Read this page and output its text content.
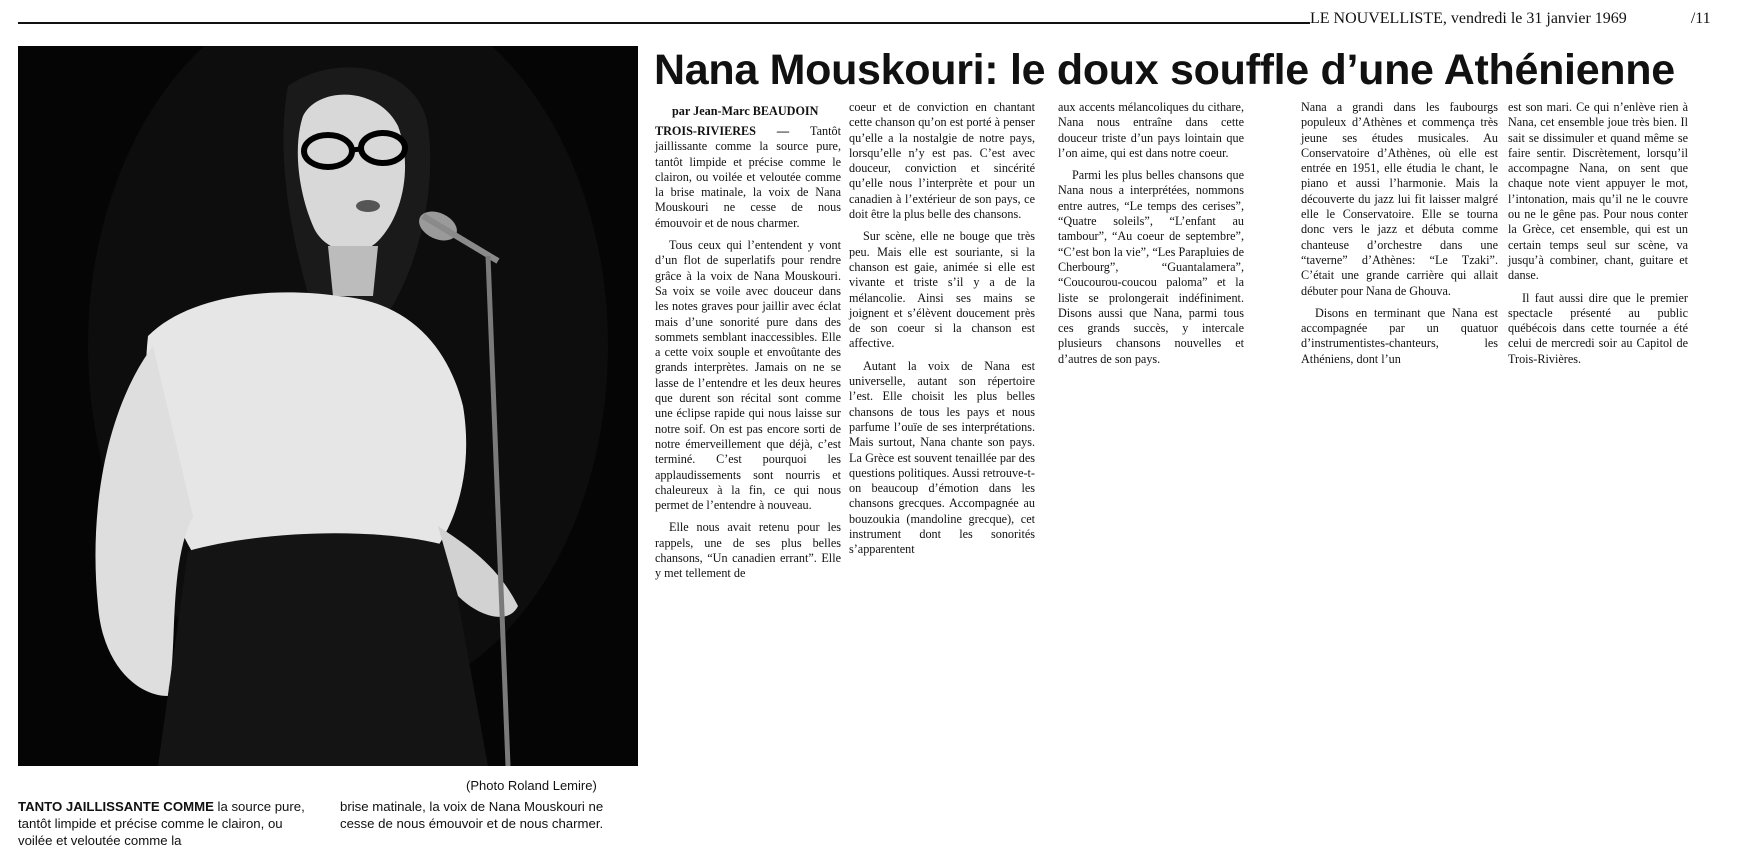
LE NOUVELLISTE, vendredi le 31 janvier 1969	/11
(Photo Roland Lemire)
TANTO JAILLISSANTE COMME la source pure, tantôt limpide et précise comme le clairon, ou voilée et veloutée comme la
brise matinale, la voix de Nana Mouskouri ne cesse de nous émouvoir et de nous charmer.
Nana Mouskouri: le doux souffle d’une Athénienne
par Jean-Marc BEAUDOIN

TROIS-RIVIERES — Tantôt jaillissante comme la source pure, tantôt limpide et précise comme le clairon, ou voilée et veloutée comme la brise matinale, la voix de Nana Mouskouri ne cesse de nous émouvoir et de nous charmer.

Tous ceux qui l’entendent y vont d’un flot de superlatifs pour rendre grâce à la voix de Nana Mouskouri. Sa voix se voile avec douceur dans les notes graves pour jaillir avec éclat mais d’une sonorité pure dans des sommets semblant inaccessibles. Elle a cette voix souple et envoûtante des grands interprètes. Jamais on ne se lasse de l’entendre et les deux heures que durent son récital sont comme une éclipse rapide qui nous laisse sur notre soif. On est pas encore sorti de notre émerveillement que déjà, c’est terminé. C’est pourquoi les applaudissements sont nourris et chaleureux à la fin, ce qui nous permet de l’entendre à nouveau.

Elle nous avait retenu pour les rappels, une de ses plus belles chansons, “Un canadien errant”. Elle y met tellement de

coeur et de conviction en chantant cette chanson qu’on est porté à penser qu’elle a la nostalgie de notre pays, lorsqu’elle n’y est pas. C’est avec douceur, conviction et sincérité qu’elle nous l’interprète et pour un canadien à l’extérieur de son pays, ce doit être la plus belle des chansons.

Sur scène, elle ne bouge que très peu. Mais elle est souriante, si la chanson est gaie, animée si elle est vivante et triste s’il y a de la mélancolie. Ainsi ses mains se joignent et s’élèvent doucement près de son coeur si la chanson est affective.

Autant la voix de Nana est universelle, autant son répertoire l’est. Elle choisit les plus belles chansons de tous les pays et nous parfume l’ouïe de ses interprétations. Mais surtout, Nana chante son pays. La Grèce est souvent tenaillée par des questions politiques. Aussi retrouve-t-on beaucoup d’émotion dans les chansons grecques. Accompagnée au bouzoukia (mandoline grecque), cet instrument dont les sonorités s’apparentent

aux accents mélancoliques du cithare, Nana nous entraîne dans cette douceur triste d’un pays lointain que l’on aime, qui est dans notre coeur.

Parmi les plus belles chansons que Nana nous a interprétées, nommons entre autres, “Le temps des cerises”, “Quatre soleils”, “L’enfant au tambour”, “Au coeur de septembre”, “C’est bon la vie”, “Les Parapluies de Cherbourg”, “Guantalamera”, “Coucourou-coucou paloma” et la liste se prolongerait indéfiniment. Disons aussi que Nana, parmi tous ces grands succès, y intercale plusieurs chansons nouvelles et d’autres de son pays.

Nana a grandi dans les faubourgs populeux d’Athènes et commença très jeune ses études musicales. Au Conservatoire d’Athènes, où elle est entrée en 1951, elle étudia le chant, le piano et aussi l’harmonie. Mais la découverte du jazz lui fit laisser malgré elle le Conservatoire. Elle se tourna donc vers le jazz et débuta comme chanteuse d’orchestre dans une “taverne” d’Athènes: “Le Tzaki”. C’était une grande carrière qui allait débuter pour Nana de Ghouva.

Disons en terminant que Nana est accompagnée par un quatuor d’instrumentistes-chanteurs, les Athéniens, dont l’un

est son mari. Ce qui n’enlève rien à Nana, cet ensemble joue très bien. Il sait se dissimuler et quand même se faire sentir. Discrètement, lorsqu’il accompagne Nana, on sent que chaque note vient appuyer le mot, l’intonation, mais qu’il ne le couvre ou ne le gêne pas. Pour nous conter la Grèce, cet ensemble, qui est un certain temps seul sur scène, va jusqu’à combiner, chant, guitare et danse.

Il faut aussi dire que le premier spectacle présenté au public québécois dans cette tournée a été celui de mercredi soir au Capitol de Trois-Rivières.
